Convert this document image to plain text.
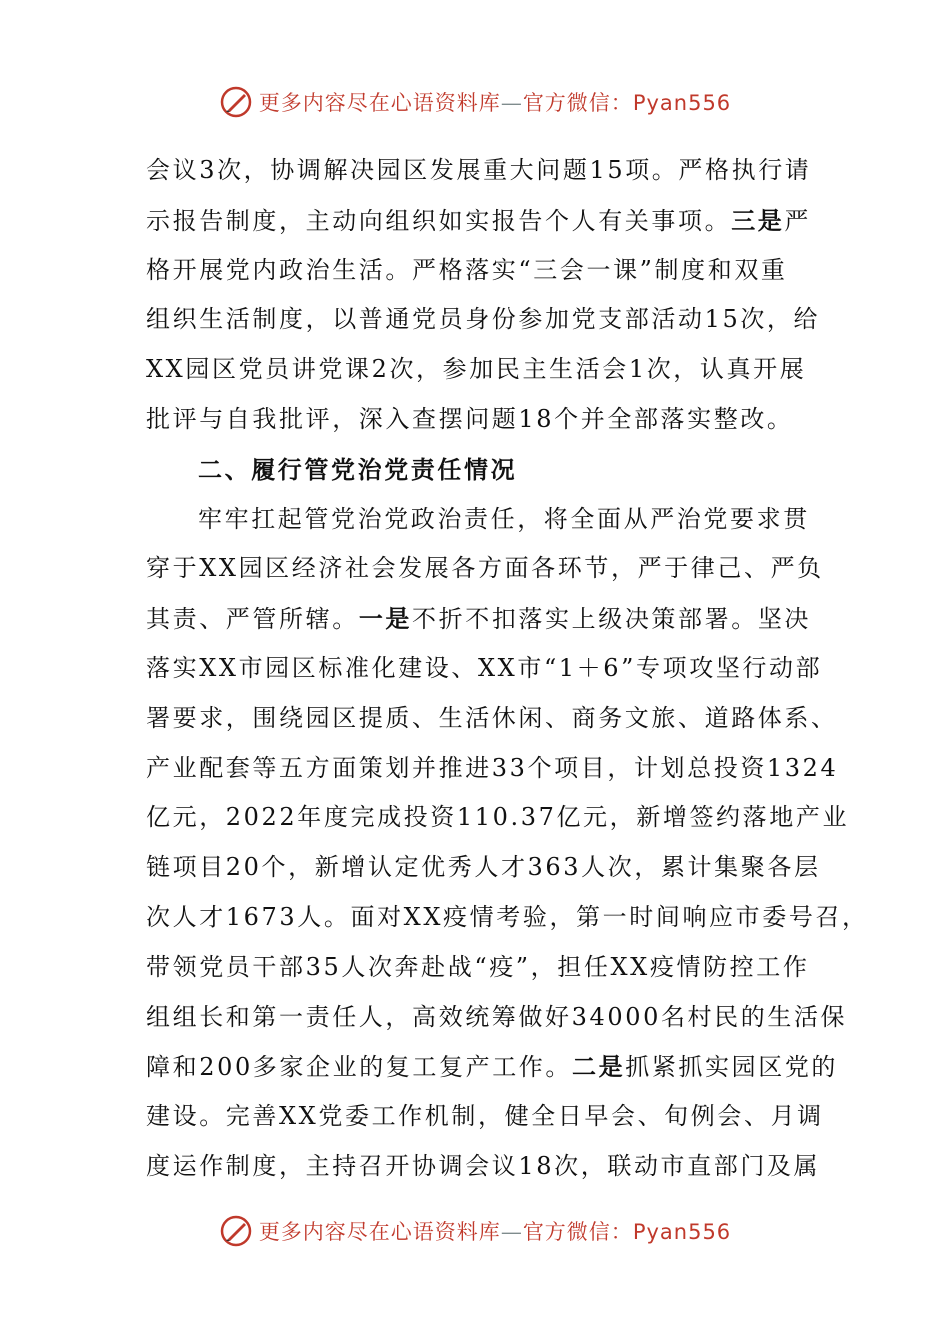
更多内容尽在心语资料库—官方微信：Pyan556
会议3次，协调解决园区发展重大问题15项。严格执行请
示报告制度，主动向组织如实报告个人有关事项。三是严
格开展党内政治生活。严格落实“三会一课”制度和双重
组织生活制度，以普通党员身份参加党支部活动15次，给
XX园区党员讲党课2次，参加民主生活会1次，认真开展
批评与自我批评，深入查摆问题18个并全部落实整改。
二、履行管党治党责任情况
牢牢扛起管党治党政治责任，将全面从严治党要求贯
穿于XX园区经济社会发展各方面各环节，严于律己、严负
其责、严管所辖。一是不折不扣落实上级决策部署。坚决
落实XX市园区标准化建设、XX市“1＋6”专项攻坚行动部
署要求，围绕园区提质、生活休闲、商务文旅、道路体系、
产业配套等五方面策划并推进33个项目，计划总投资1324
亿元，2022年度完成投资110.37亿元，新增签约落地产业
链项目20个，新增认定优秀人才363人次，累计集聚各层
次人才1673人。面对XX疫情考验，第一时间响应市委号召，
带领党员干部35人次奔赴战“疫”，担任XX疫情防控工作
组组长和第一责任人，高效统筹做好34000名村民的生活保
障和200多家企业的复工复产工作。二是抓紧抓实园区党的
建设。完善XX党委工作机制，健全日早会、旬例会、月调
度运作制度，主持召开协调会议18次，联动市直部门及属
更多内容尽在心语资料库—官方微信：Pyan556
